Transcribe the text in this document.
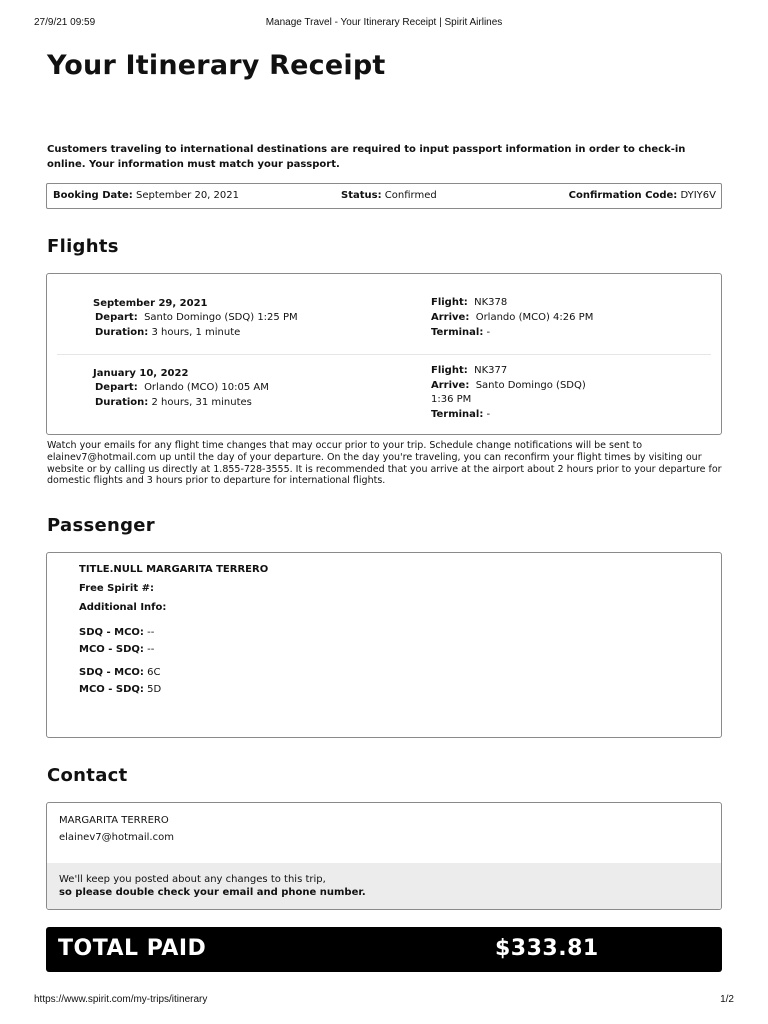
27/9/21 09:59	Manage Travel - Your Itinerary Receipt | Spirit Airlines
Your Itinerary Receipt

Customers traveling to international destinations are required to input passport information in order to check-in online. Your information must match your passport.

Booking Date: September 20, 2021	Status: Confirmed	Confirmation Code: DYIY6V
Flights
September 29, 2021
Depart: Santo Domingo (SDQ) 1:25 PM
Duration: 3 hours, 1 minute
Flight: NK378
Arrive: Orlando (MCO) 4:26 PM
Terminal: -
January 10, 2022
Depart: Orlando (MCO) 10:05 AM
Duration: 2 hours, 31 minutes
Flight: NK377
Arrive: Santo Domingo (SDQ) 1:36 PM
Terminal: -

Watch your emails for any flight time changes that may occur prior to your trip. Schedule change notifications will be sent to elainev7@hotmail.com up until the day of your departure. On the day you're traveling, you can reconfirm your flight times by visiting our website or by calling us directly at 1.855-728-3555. It is recommended that you arrive at the airport about 2 hours prior to your departure for domestic flights and 3 hours prior to departure for international flights.

Passenger
TITLE.NULL MARGARITA TERRERO
Free Spirit #:
Additional Info:
SDQ - MCO: --
MCO - SDQ: --
SDQ - MCO: 6C
MCO - SDQ: 5D
Contact
MARGARITA TERRERO
elainev7@hotmail.com
We'll keep you posted about any changes to this trip,
so please double check your email and phone number.
TOTAL PAID	$333.81
https://www.spirit.com/my-trips/itinerary	1/2
